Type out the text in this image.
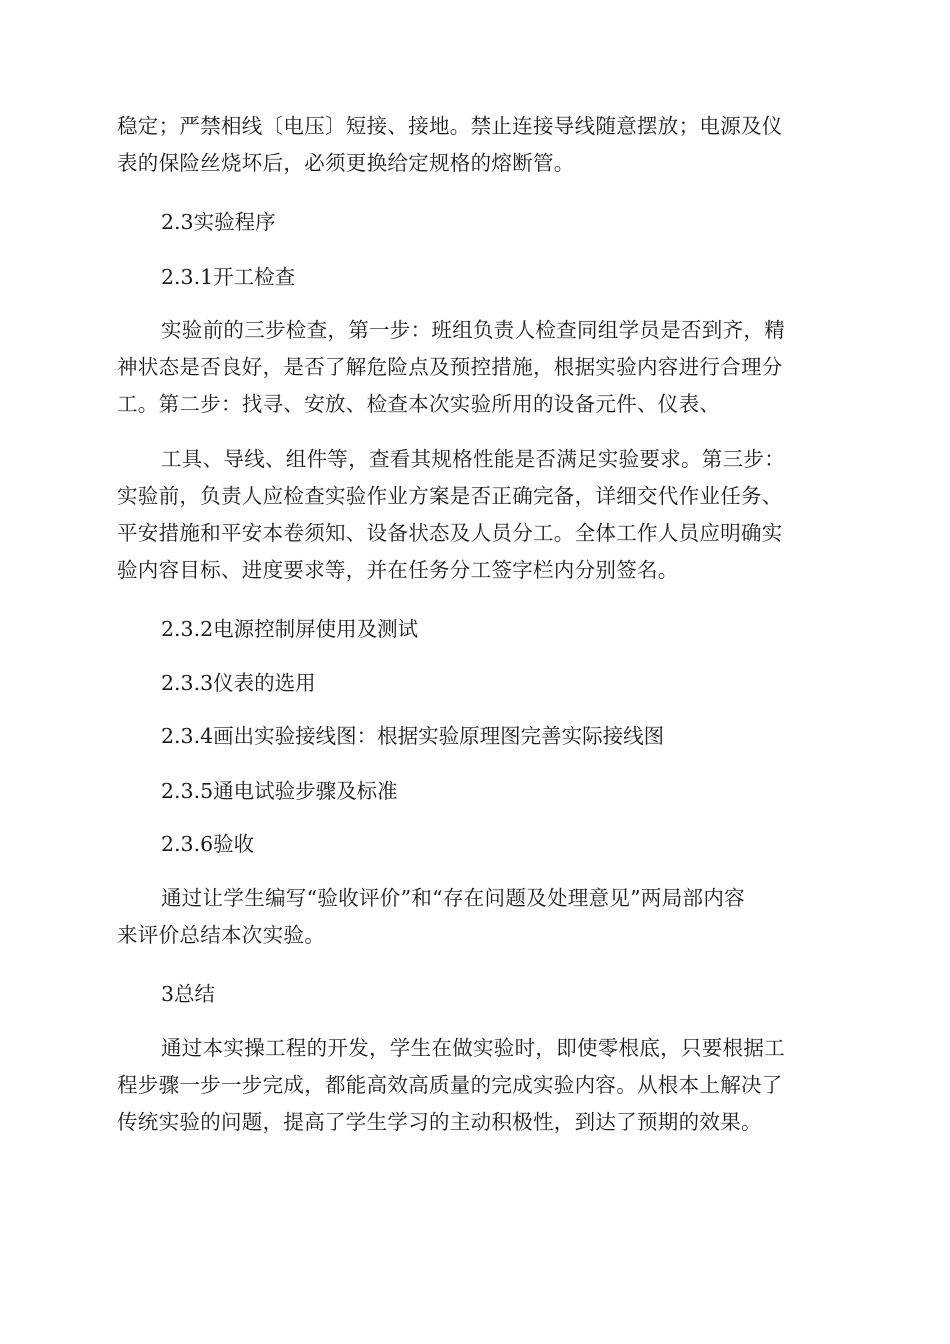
稳定；严禁相线〔电压〕短接、接地。禁止连接导线随意摆放；电源及仪
表的保险丝烧坏后，必须更换给定规格的熔断管。

2.3实验程序

2.3.1开工检查

实验前的三步检查，第一步：班组负责人检查同组学员是否到齐，精
神状态是否良好，是否了解危险点及预控措施，根据实验内容进行合理分
工。第二步：找寻、安放、检查本次实验所用的设备元件、仪表、

工具、导线、组件等，查看其规格性能是否满足实验要求。第三步：
实验前，负责人应检查实验作业方案是否正确完备，详细交代作业任务、
平安措施和平安本卷须知、设备状态及人员分工。全体工作人员应明确实
验内容目标、进度要求等，并在任务分工签字栏内分别签名。

2.3.2电源控制屏使用及测试

2.3.3仪表的选用

2.3.4画出实验接线图：根据实验原理图完善实际接线图

2.3.5通电试验步骤及标准

2.3.6验收

通过让学生编写“验收评价”和“存在问题及处理意见”两局部内容
来评价总结本次实验。

3总结

通过本实操工程的开发，学生在做实验时，即使零根底，只要根据工
程步骤一步一步完成，都能高效高质量的完成实验内容。从根本上解决了
传统实验的问题，提高了学生学习的主动积极性，到达了预期的效果。
